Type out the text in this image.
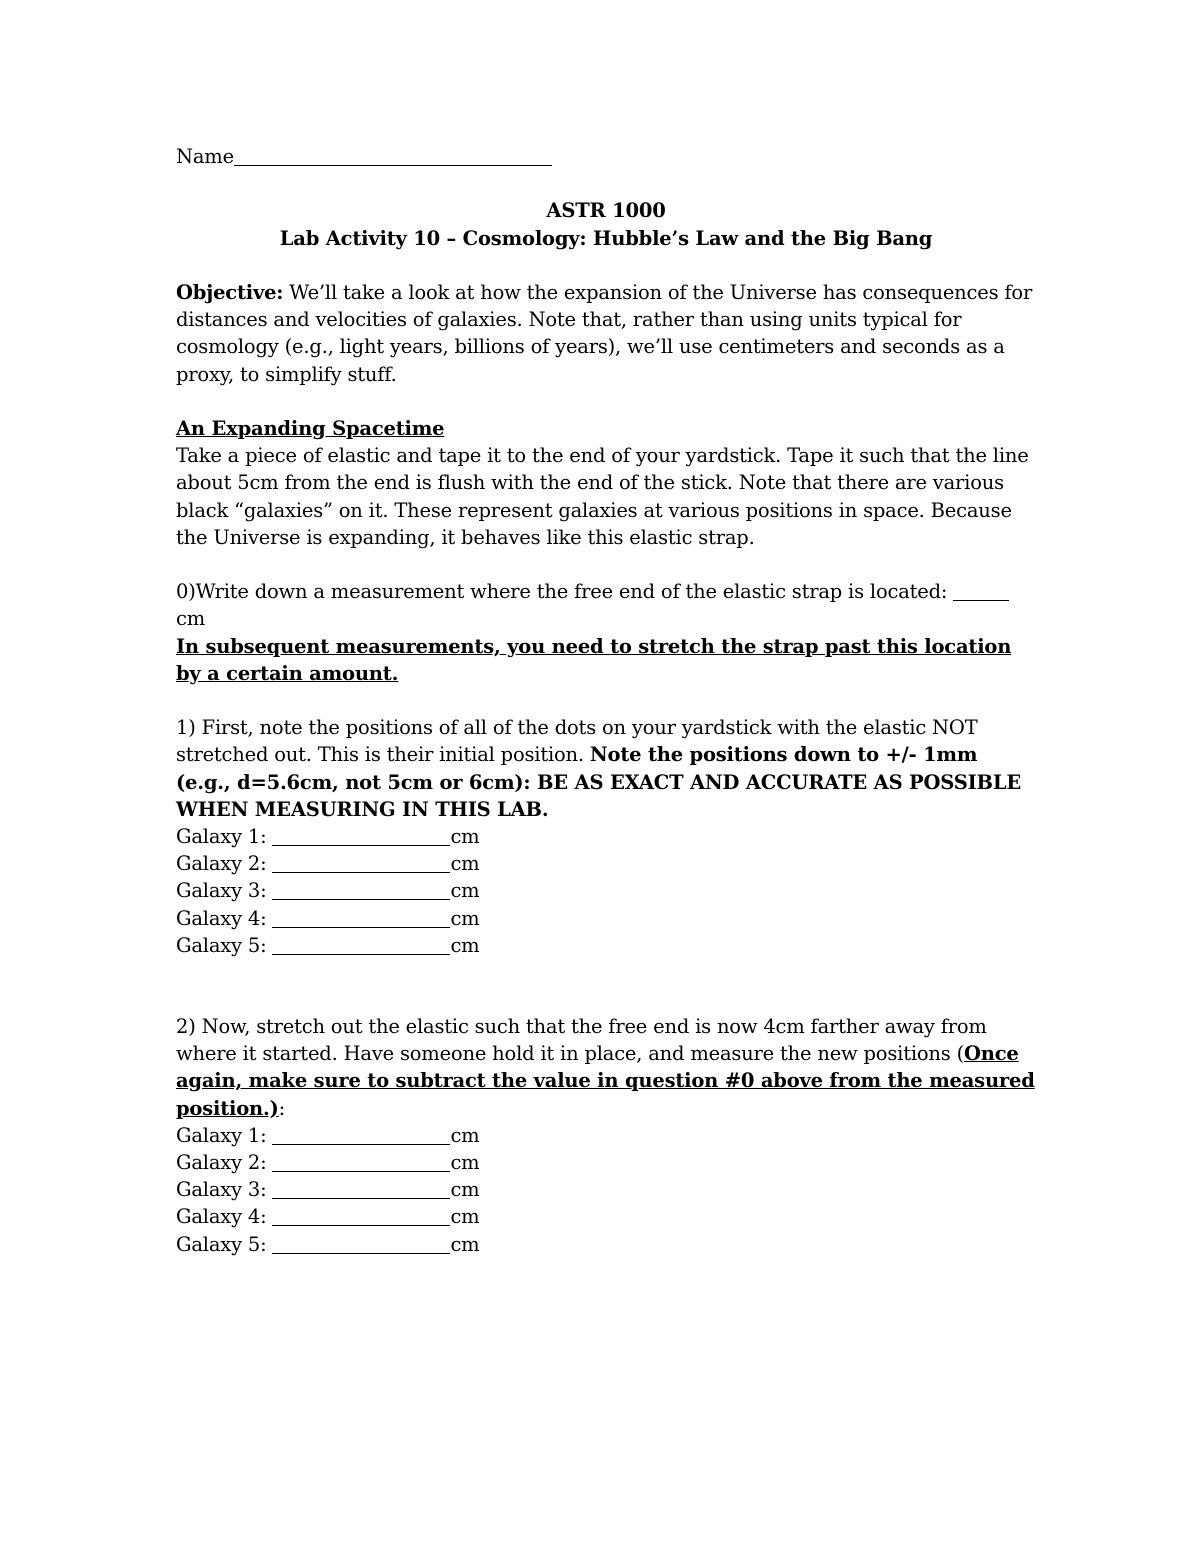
Name

ASTR 1000

Lab Activity 10 – Cosmology: Hubble’s Law and the Big Bang

Objective: We’ll take a look at how the expansion of the Universe has consequences for distances and velocities of galaxies. Note that, rather than using units typical for cosmology (e.g., light years, billions of years), we’ll use centimeters and seconds as a proxy, to simplify stuff.

An Expanding Spacetime

Take a piece of elastic and tape it to the end of your yardstick. Tape it such that the line about 5cm from the end is flush with the end of the stick. Note that there are various black “galaxies” on it. These represent galaxies at various positions in space. Because the Universe is expanding, it behaves like this elastic strap.

0)Write down a measurement where the free end of the elastic strap is located:  cm

In subsequent measurements, you need to stretch the strap past this location by a certain amount.

1) First, note the positions of all of the dots on your yardstick with the elastic NOT stretched out. This is their initial position. Note the positions down to +/- 1mm (e.g., d=5.6cm, not 5cm or 6cm): BE AS EXACT AND ACCURATE AS POSSIBLE WHEN MEASURING IN THIS LAB.

Galaxy 1:	cm
Galaxy 2:	cm
Galaxy 3:	cm
Galaxy 4:	cm
Galaxy 5:	cm

2) Now, stretch out the elastic such that the free end is now 4cm farther away from where it started. Have someone hold it in place, and measure the new positions (Once again, make sure to subtract the value in question #0 above from the measured position.):

Galaxy 1:	cm
Galaxy 2:	cm
Galaxy 3:	cm
Galaxy 4:	cm
Galaxy 5:	cm
